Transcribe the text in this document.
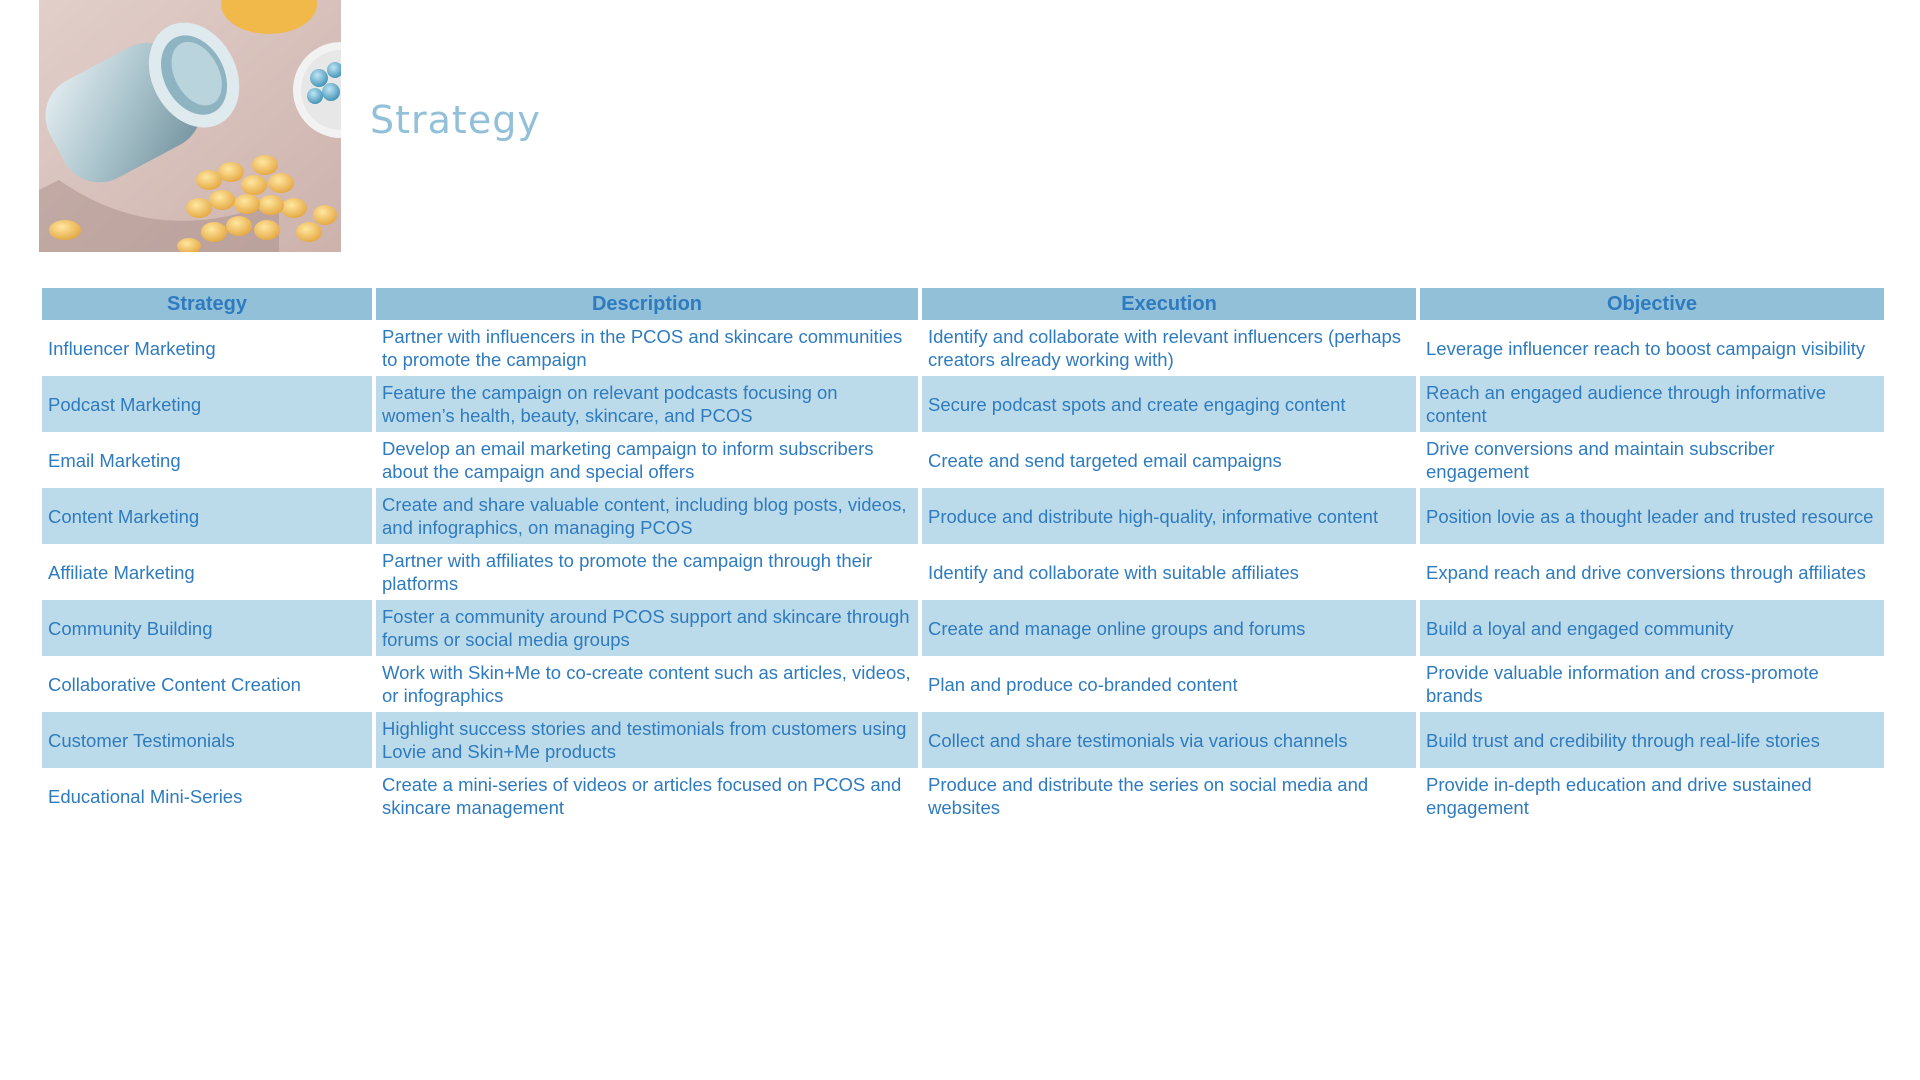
Strategy
Strategy	Description	Execution	Objective
Influencer Marketing	Partner with influencers in the PCOS and skincare communities to promote the campaign	Identify and collaborate with relevant influencers (perhaps creators already working with)	Leverage influencer reach to boost campaign visibility
Podcast Marketing	Feature the campaign on relevant podcasts focusing on women’s health, beauty, skincare, and PCOS	Secure podcast spots and create engaging content	Reach an engaged audience through informative content
Email Marketing	Develop an email marketing campaign to inform subscribers about the campaign and special offers	Create and send targeted email campaigns	Drive conversions and maintain subscriber engagement
Content Marketing	Create and share valuable content, including blog posts, videos, and infographics, on managing PCOS	Produce and distribute high-quality, informative content	Position lovie as a thought leader and trusted resource
Affiliate Marketing	Partner with affiliates to promote the campaign through their platforms	Identify and collaborate with suitable affiliates	Expand reach and drive conversions through affiliates
Community Building	Foster a community around PCOS support and skincare through forums or social media groups	Create and manage online groups and forums	Build a loyal and engaged community
Collaborative Content Creation	Work with Skin+Me to co-create content such as articles, videos, or infographics	Plan and produce co-branded content	Provide valuable information and cross-promote brands
Customer Testimonials	Highlight success stories and testimonials from customers using Lovie and Skin+Me products	Collect and share testimonials via various channels	Build trust and credibility through real-life stories
Educational Mini-Series	Create a mini-series of videos or articles focused on PCOS and skincare management	Produce and distribute the series on social media and websites	Provide in-depth education and drive sustained engagement
